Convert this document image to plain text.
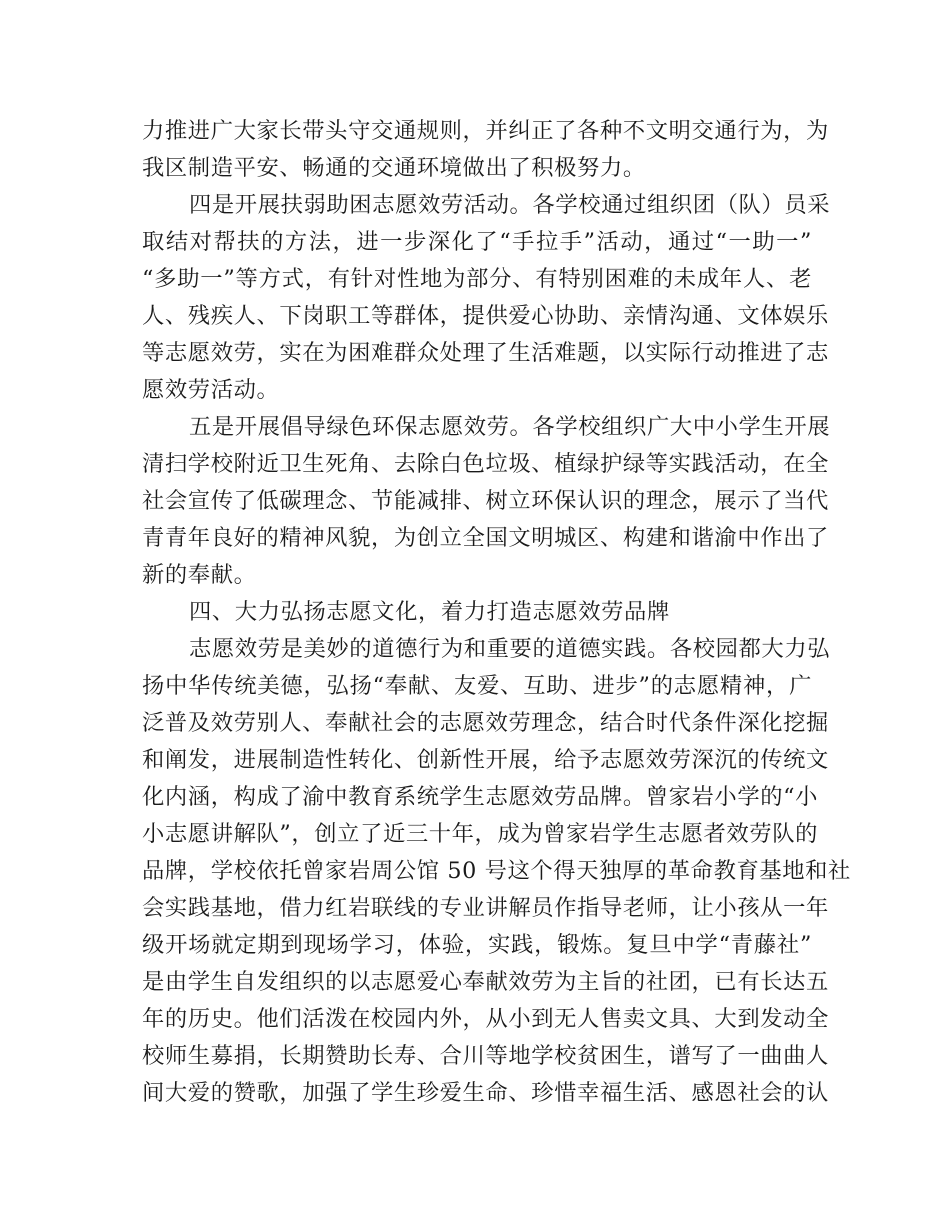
力推进广大家长带头守交通规则，并纠正了各种不文明交通行为，为
我区制造平安、畅通的交通环境做出了积极努力。
四是开展扶弱助困志愿效劳活动。各学校通过组织团（队）员采
取结对帮扶的方法，进一步深化了“手拉手”活动，通过“一助一”
“多助一”等方式，有针对性地为部分、有特别困难的未成年人、老
人、残疾人、下岗职工等群体，提供爱心协助、亲情沟通、文体娱乐
等志愿效劳，实在为困难群众处理了生活难题，以实际行动推进了志
愿效劳活动。
五是开展倡导绿色环保志愿效劳。各学校组织广大中小学生开展
清扫学校附近卫生死角、去除白色垃圾、植绿护绿等实践活动，在全
社会宣传了低碳理念、节能减排、树立环保认识的理念，展示了当代
青青年良好的精神风貌，为创立全国文明城区、构建和谐渝中作出了
新的奉献。
四、大力弘扬志愿文化，着力打造志愿效劳品牌
志愿效劳是美妙的道德行为和重要的道德实践。各校园都大力弘
扬中华传统美德，弘扬“奉献、友爱、互助、进步”的志愿精神，广
泛普及效劳别人、奉献社会的志愿效劳理念，结合时代条件深化挖掘
和阐发，进展制造性转化、创新性开展，给予志愿效劳深沉的传统文
化内涵，构成了渝中教育系统学生志愿效劳品牌。曾家岩小学的“小
小志愿讲解队”，创立了近三十年，成为曾家岩学生志愿者效劳队的
品牌，学校依托曾家岩周公馆 50 号这个得天独厚的革命教育基地和社
会实践基地，借力红岩联线的专业讲解员作指导老师，让小孩从一年
级开场就定期到现场学习，体验，实践，锻炼。复旦中学“青藤社”
是由学生自发组织的以志愿爱心奉献效劳为主旨的社团，已有长达五
年的历史。他们活泼在校园内外，从小到无人售卖文具、大到发动全
校师生募捐，长期赞助长寿、合川等地学校贫困生，谱写了一曲曲人
间大爱的赞歌，加强了学生珍爱生命、珍惜幸福生活、感恩社会的认
